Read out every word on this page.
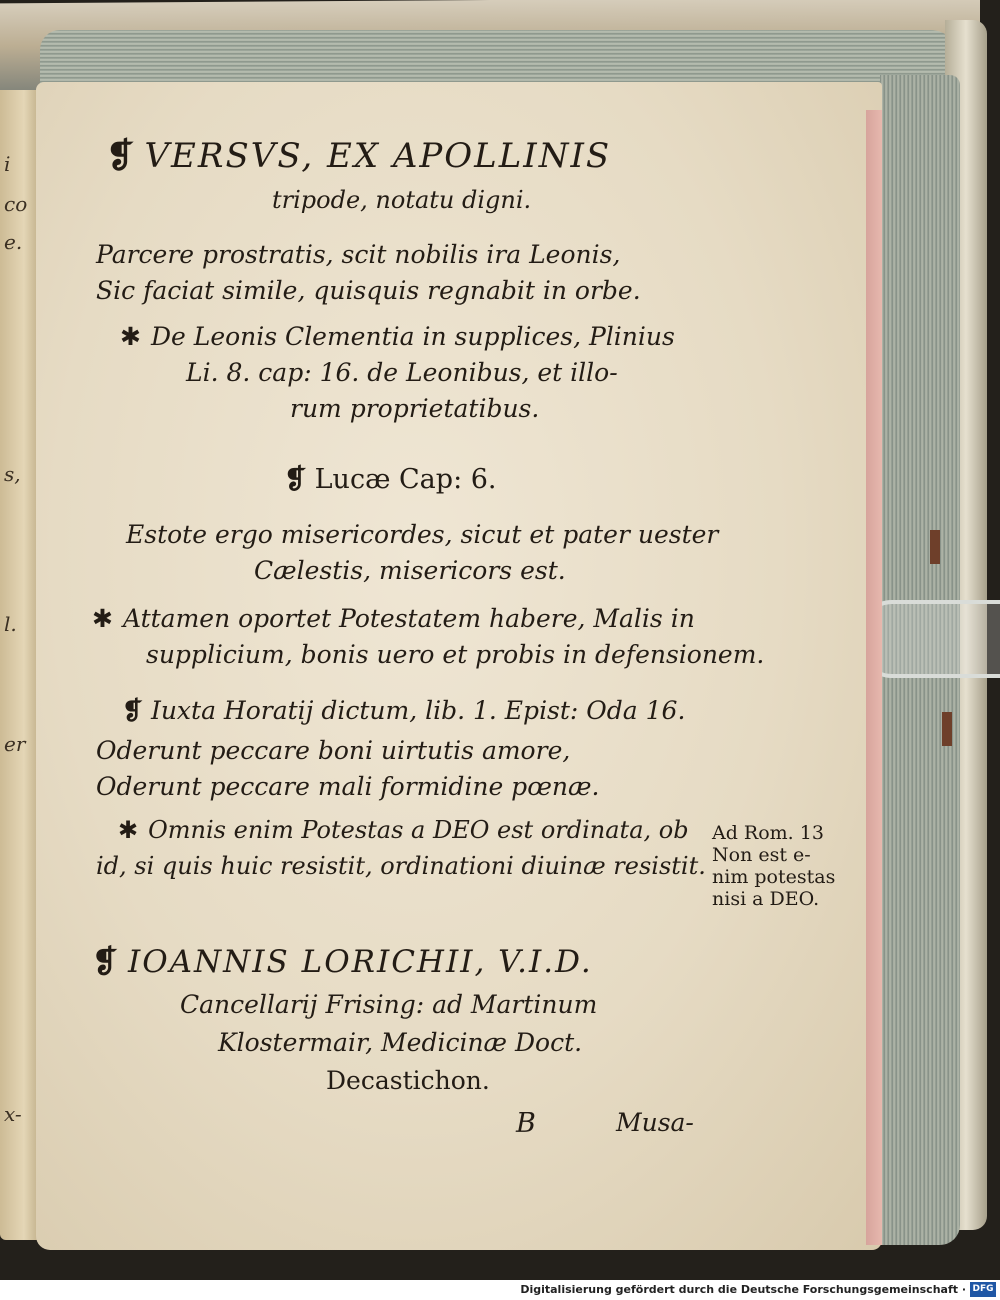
i
co
e.
s,
l.
er
x-
❡ VERSVS, EX APOLLINIS
tripode, notatu digni.
Parcere prostratis, scit nobilis ira Leonis,
Sic faciat simile, quisquis regnabit in orbe.
✱ De Leonis Clementia in supplices, Plinius
Li. 8. cap: 16. de Leonibus, et illo-
rum proprietatibus.
❡ Lucæ Cap: 6.
Estote ergo misericordes, sicut et pater uester
Cælestis, misericors est.
✱ Attamen oportet Potestatem habere, Malis in
supplicium, bonis uero et probis in defensionem.
❡ Iuxta Horatij dictum, lib. 1. Epist: Oda 16.
Oderunt peccare boni uirtutis amore,
Oderunt peccare mali formidine pœnæ.
✱ Omnis enim Potestas a DEO est ordinata, ob
id, si quis huic resistit, ordinationi diuinæ resistit.
Ad Rom. 13
Non est e-
nim potestas
nisi a DEO.
❡ IOANNIS LORICHII, V.I.D.
Cancellarij Frising: ad Martinum
Klostermair, Medicinæ Doct.
Decastichon.
B	Musa-
Digitalisierung gefördert durch die Deutsche Forschungsgemeinschaft · DFG
